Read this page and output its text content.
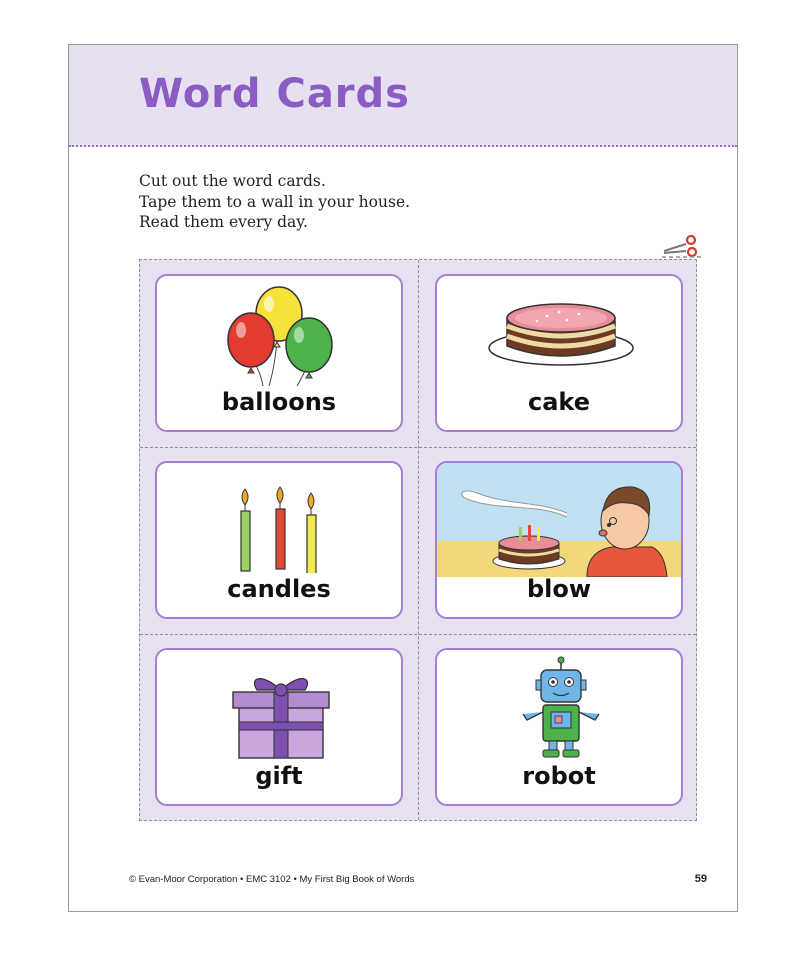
Word Cards
Cut out the word cards.
Tape them to a wall in your house.
Read them every day.
balloons	cake
candles	blow
gift	robot
© Evan-Moor Corporation • EMC 3102 • My First Big Book of Words	59
